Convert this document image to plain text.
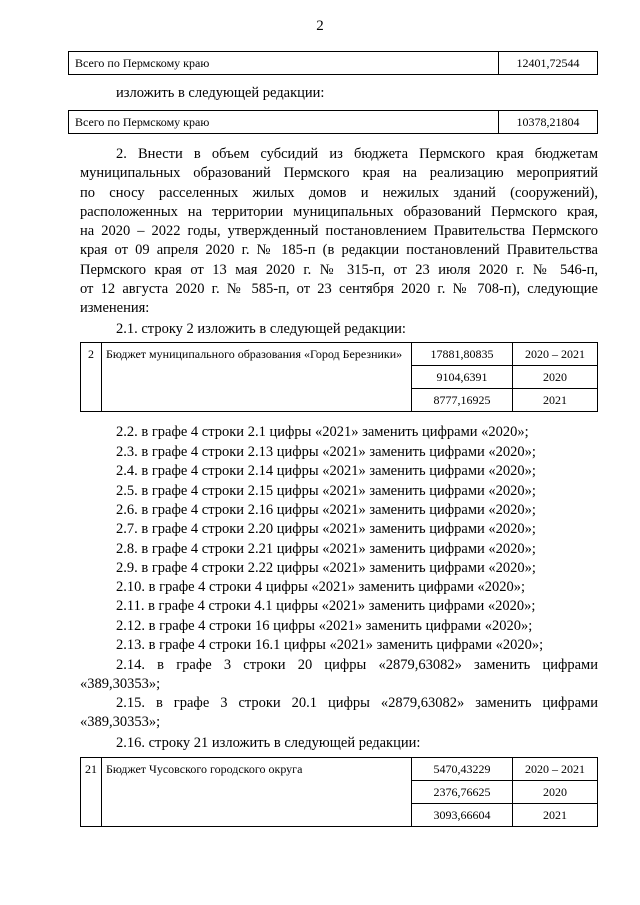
2
Всего по Пермскому краю	12401,72544
изложить в следующей редакции:
Всего по Пермскому краю	10378,21804
2. Внести в объем субсидий из бюджета Пермского края бюджетам
муниципальных образований Пермского края на реализацию мероприятий
по сносу расселенных жилых домов и нежилых зданий (сооружений),
расположенных на территории муниципальных образований Пермского края,
на 2020 – 2022 годы, утвержденный постановлением Правительства Пермского
края от 09 апреля 2020 г. № 185-п (в редакции постановлений Правительства
Пермского края от 13 мая 2020 г. № 315-п, от 23 июля 2020 г. № 546-п,
от 12 августа 2020 г. № 585-п, от 23 сентября 2020 г. № 708-п), следующие
изменения:
2.1. строку 2 изложить в следующей редакции:
2	Бюджет муниципального образования «Город Березники»	17881,80835	2020 – 2021
		9104,6391	2020
		8777,16925	2021
2.2. в графе 4 строки 2.1 цифры «2021» заменить цифрами «2020»;
2.3. в графе 4 строки 2.13 цифры «2021» заменить цифрами «2020»;
2.4. в графе 4 строки 2.14 цифры «2021» заменить цифрами «2020»;
2.5. в графе 4 строки 2.15 цифры «2021» заменить цифрами «2020»;
2.6. в графе 4 строки 2.16 цифры «2021» заменить цифрами «2020»;
2.7. в графе 4 строки 2.20 цифры «2021» заменить цифрами «2020»;
2.8. в графе 4 строки 2.21 цифры «2021» заменить цифрами «2020»;
2.9. в графе 4 строки 2.22 цифры «2021» заменить цифрами «2020»;
2.10. в графе 4 строки 4 цифры «2021» заменить цифрами «2020»;
2.11. в графе 4 строки 4.1 цифры «2021» заменить цифрами «2020»;
2.12. в графе 4 строки 16 цифры «2021» заменить цифрами «2020»;
2.13. в графе 4 строки 16.1 цифры «2021» заменить цифрами «2020»;
2.14. в графе 3 строки 20 цифры «2879,63082» заменить цифрами
«389,30353»;
2.15. в графе 3 строки 20.1 цифры «2879,63082» заменить цифрами
«389,30353»;
2.16. строку 21 изложить в следующей редакции:
21	Бюджет Чусовского городского округа	5470,43229	2020 – 2021
		2376,76625	2020
		3093,66604	2021
